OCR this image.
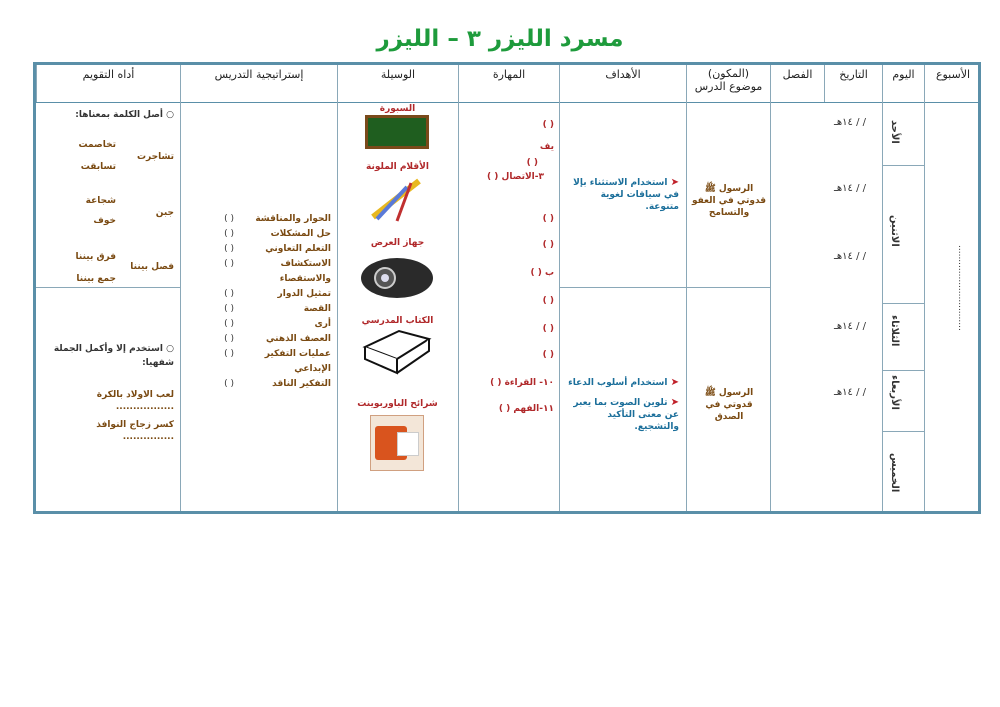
مسرد الليزر ٣ – الليزر
الأسبوع
اليوم
التاريخ
الفصل
(المكون)
موضوع الدرس
الأهداف
المهارة
الوسيلة
إستراتيجية التدريس
أداه التقويم
..............................
الأحد
الاثنين
الثلاثاء
الأربعاء
الخميس
/ / ١٤هـ
/ / ١٤هـ
/ / ١٤هـ
/ / ١٤هـ
/ / ١٤هـ
الرسول ﷺ قدوتي في العفو والتسامح
الرسول ﷺ قدوتي في الصدق
➤ استخدام الاستثناء بإلا في سياقات لغوية متنوعة.
➤ استخدام أسلوب الدعاء
➤ تلوين الصوت بما يعبر عن معنى التأكيد والتشجيع.
( )
يف
( )
٣-الاتصال ( )
( )
( )
ب ( )
( )
( )
( )
١٠- القراءة ( )
١١-الفهم ( )
السبورة
الأقلام الملونة
جهاز العرض
الكتاب المدرسي
شرائح الباوربوينت
الحوار والمناقشة
حل المشكلات
التعلم التعاوني
الاستكشاف
والاستقصاء
تمثيل الدوار
القصة
أرى
العصف الذهني
عمليات التفكير
الإبداعي
التفكير الناقد
( )
( )
( )
( )
( )
( )
( )
( )
( )
( )
○ أصل الكلمة بمعناها:
تشاجرت
جبن
فصل بيننا
تخاصمت
تسابقت
شجاعة
خوف
فرق بيننا
جمع بيننا
○ استخدم إلا وأكمل الجملة
شفهيا:
لعب الاولاد بالكرة .................
كسر زجاج النوافذ ...............
